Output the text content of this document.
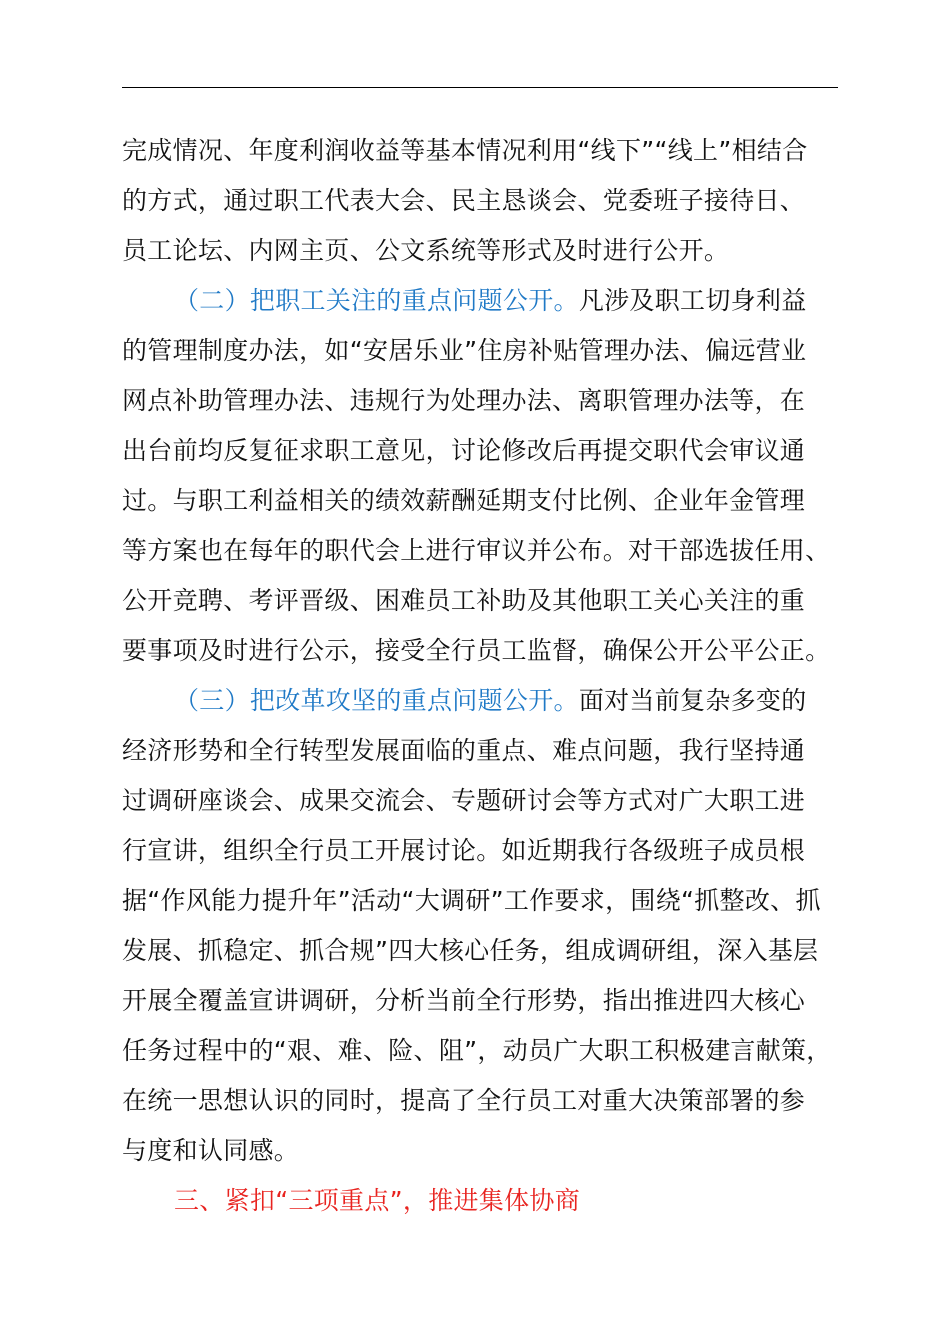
完成情况、年度利润收益等基本情况利用“线下”“线上”相结合
的方式，通过职工代表大会、民主恳谈会、党委班子接待日、
员工论坛、内网主页、公文系统等形式及时进行公开。
（二）把职工关注的重点问题公开。凡涉及职工切身利益
的管理制度办法，如“安居乐业”住房补贴管理办法、偏远营业
网点补助管理办法、违规行为处理办法、离职管理办法等，在
出台前均反复征求职工意见，讨论修改后再提交职代会审议通
过。与职工利益相关的绩效薪酬延期支付比例、企业年金管理
等方案也在每年的职代会上进行审议并公布。对干部选拔任用、
公开竞聘、考评晋级、困难员工补助及其他职工关心关注的重
要事项及时进行公示，接受全行员工监督，确保公开公平公正。
（三）把改革攻坚的重点问题公开。面对当前复杂多变的
经济形势和全行转型发展面临的重点、难点问题，我行坚持通
过调研座谈会、成果交流会、专题研讨会等方式对广大职工进
行宣讲，组织全行员工开展讨论。如近期我行各级班子成员根
据“作风能力提升年”活动“大调研”工作要求，围绕“抓整改、抓
发展、抓稳定、抓合规”四大核心任务，组成调研组，深入基层
开展全覆盖宣讲调研，分析当前全行形势，指出推进四大核心
任务过程中的“艰、难、险、阻”，动员广大职工积极建言献策，
在统一思想认识的同时，提高了全行员工对重大决策部署的参
与度和认同感。
三、紧扣“三项重点”，推进集体协商
